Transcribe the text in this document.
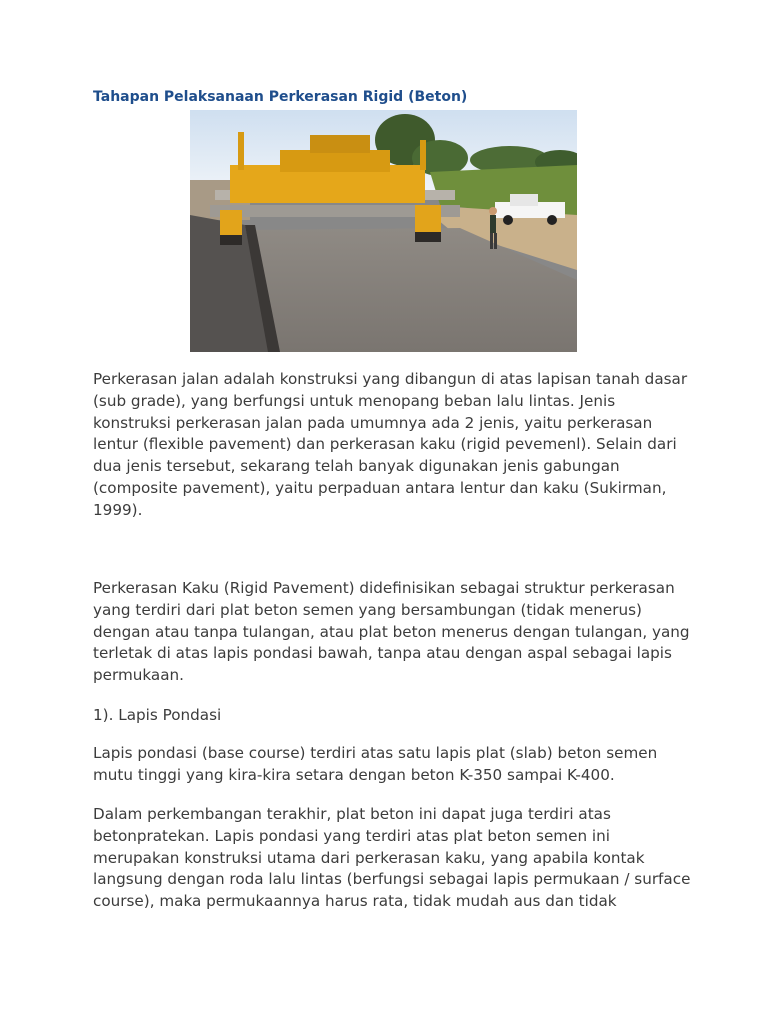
Tahapan Pelaksanaan Perkerasan Rigid (Beton)

Perkerasan jalan adalah konstruksi yang dibangun di atas lapisan tanah dasar (sub grade), yang berfungsi untuk menopang beban lalu lintas. Jenis konstruksi perkerasan jalan pada umumnya ada 2 jenis, yaitu perkerasan lentur (flexible pavement) dan perkerasan kaku (rigid pevemenl). Selain dari dua jenis tersebut, sekarang telah banyak digunakan jenis gabungan (composite pavement), yaitu perpaduan antara lentur dan kaku (Sukirman, 1999).

Perkerasan Kaku (Rigid Pavement) didefinisikan sebagai struktur perkerasan yang terdiri dari plat beton semen yang bersambungan (tidak menerus) dengan atau tanpa tulangan, atau plat beton menerus dengan tulangan, yang terletak di atas lapis pondasi bawah, tanpa atau dengan aspal sebagai lapis permukaan.

1). Lapis Pondasi

Lapis pondasi (base course) terdiri atas satu lapis plat (slab) beton semen mutu tinggi yang kira-kira setara dengan beton K-350 sampai K-400.

Dalam perkembangan terakhir, plat beton ini dapat juga terdiri atas betonpratekan. Lapis pondasi yang terdiri atas plat beton semen ini merupakan konstruksi utama dari perkerasan kaku, yang apabila kontak langsung dengan roda lalu lintas (berfungsi sebagai lapis permukaan / surface course), maka permukaannya harus rata, tidak mudah aus dan tidak
